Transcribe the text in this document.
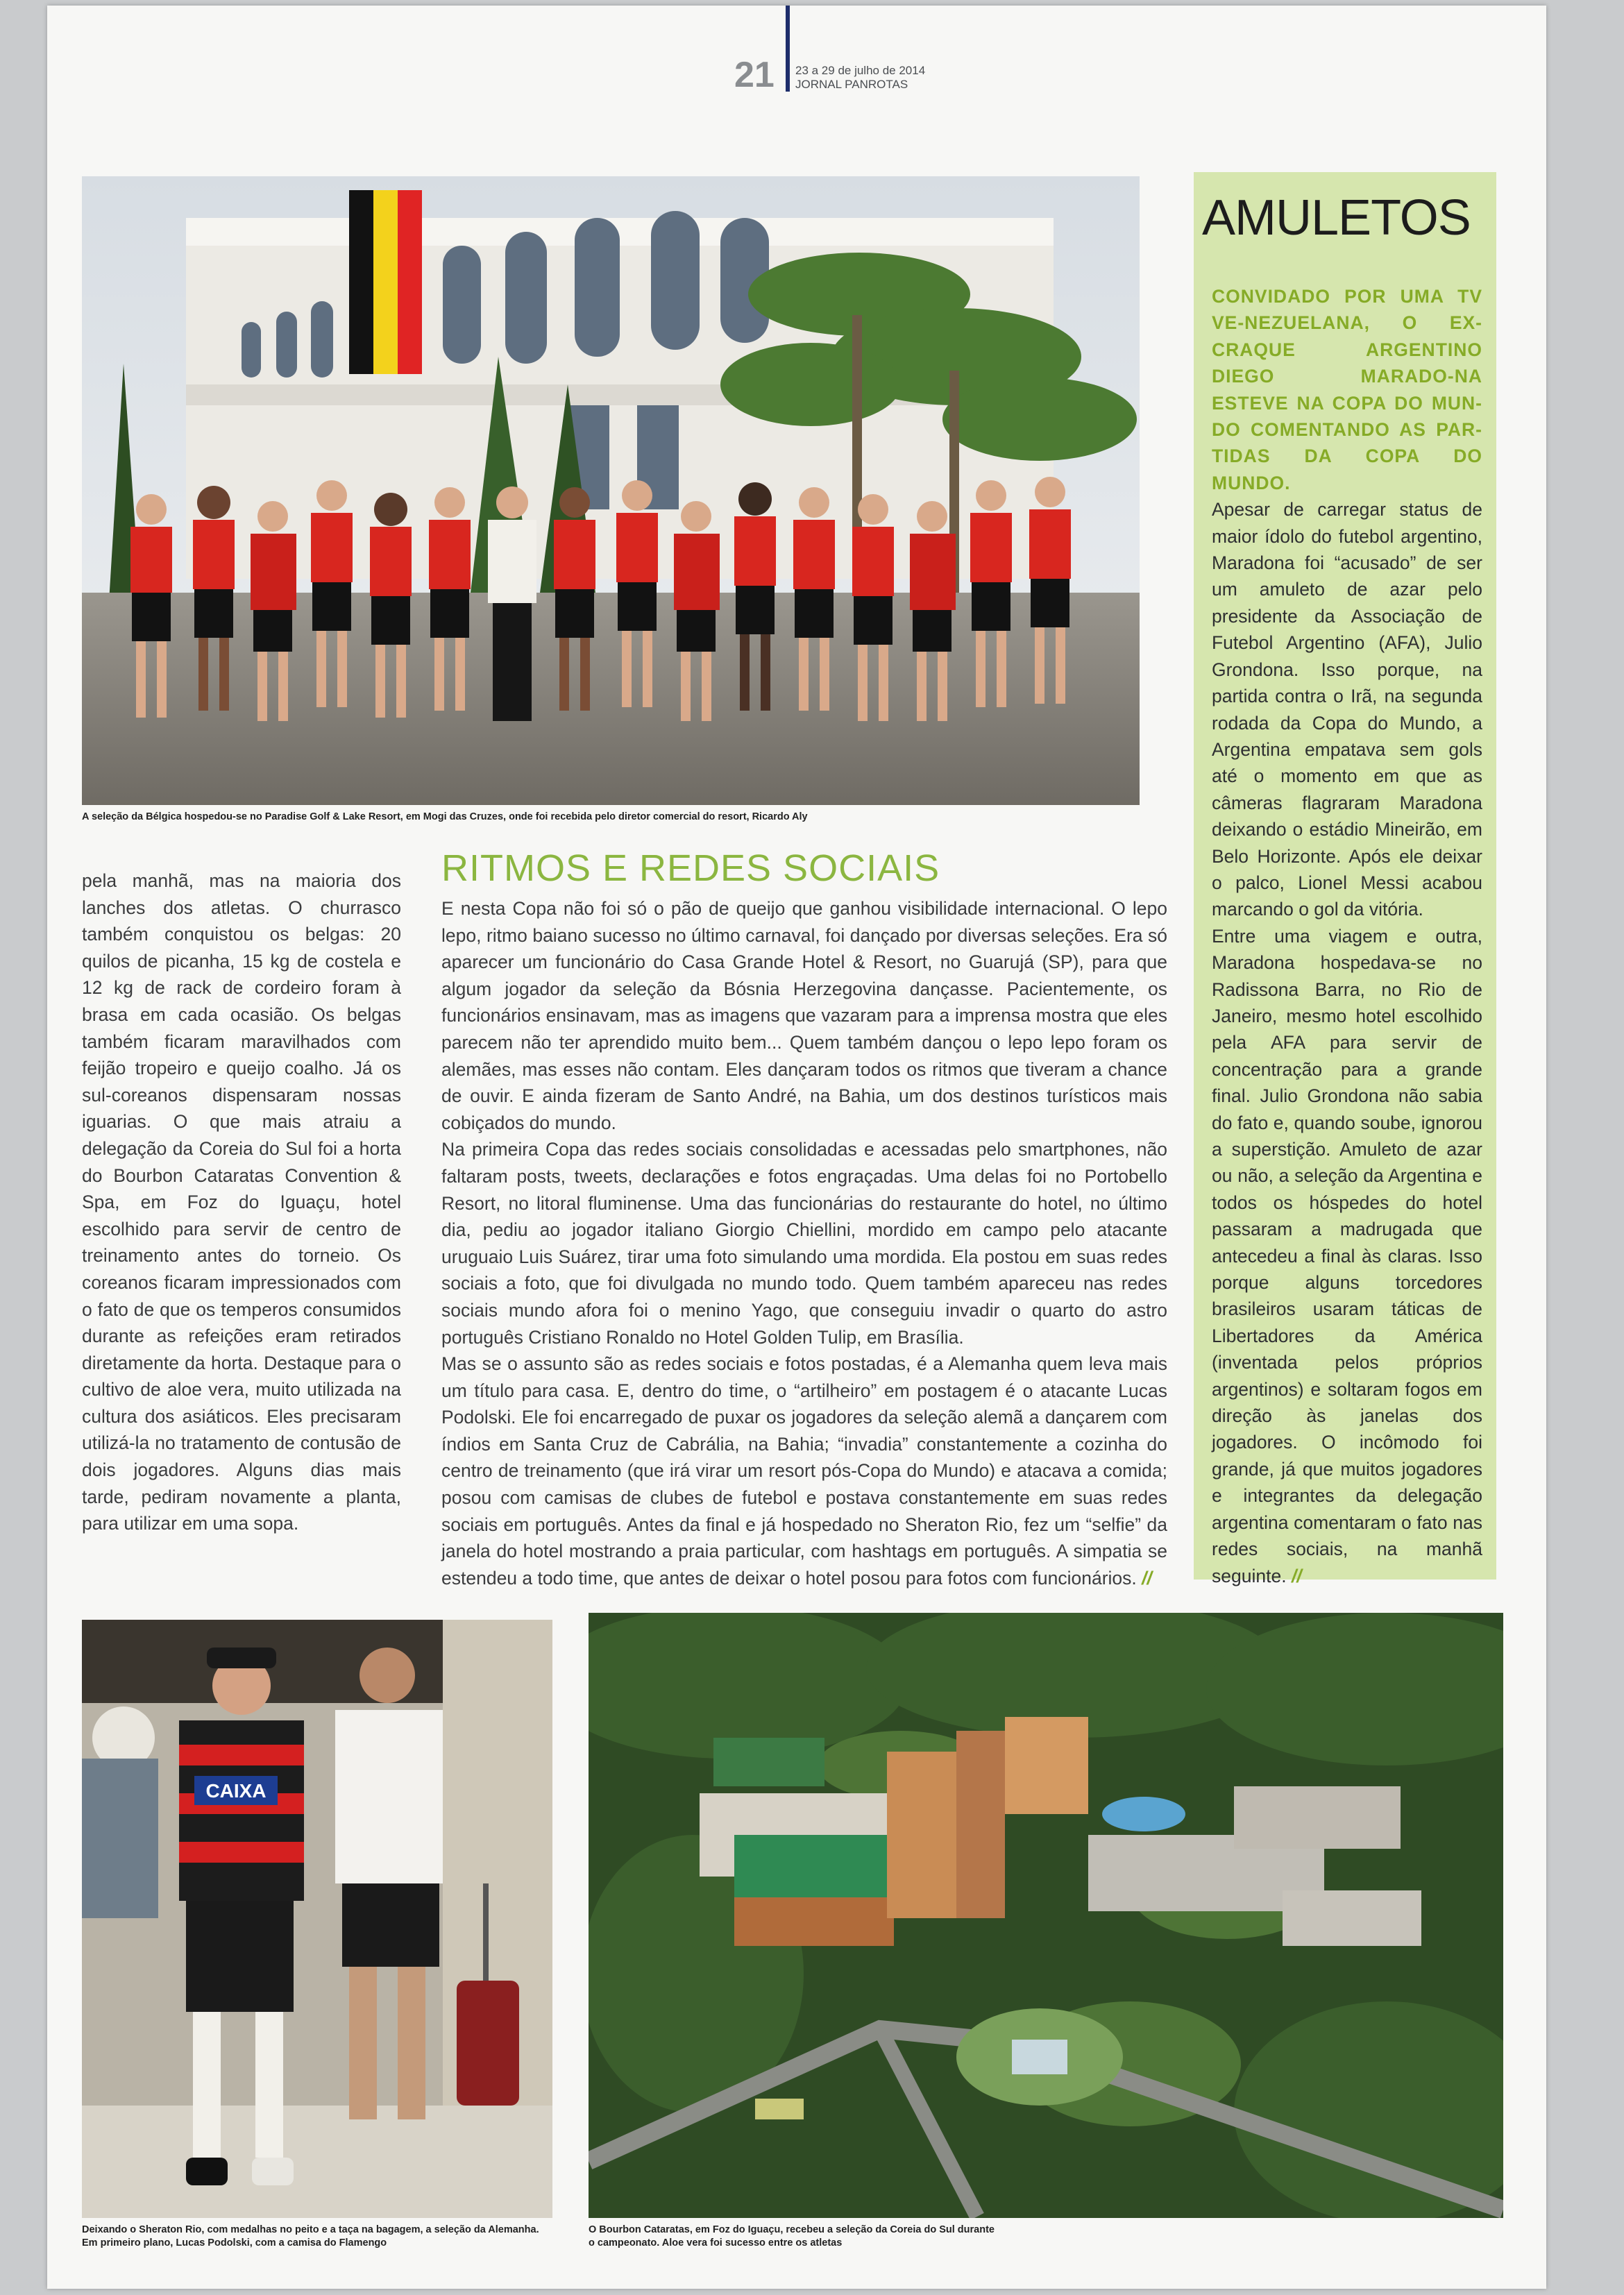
21 23 a 29 de julho de 2014
JORNAL PANROTAS
A seleção da Bélgica hospedou-se no Paradise Golf & Lake Resort, em Mogi das Cruzes, onde foi recebida pelo diretor comercial do resort, Ricardo Aly

pela manhã, mas na maioria dos lanches dos atletas. O churrasco também conquistou os belgas: 20 quilos de picanha, 15 kg de costela e 12 kg de rack de cordeiro foram à brasa em cada ocasião. Os belgas também ficaram maravilhados com feijão tropeiro e queijo coalho. Já os sul-coreanos dispensaram nossas iguarias. O que mais atraiu a delegação da Coreia do Sul foi a horta do Bourbon Cataratas Convention & Spa, em Foz do Iguaçu, hotel escolhido para servir de centro de treinamento antes do torneio. Os coreanos ficaram impressionados com o fato de que os temperos consumidos durante as refeições eram retirados diretamente da horta. Destaque para o cultivo de aloe vera, muito utilizada na cultura dos asiáticos. Eles precisaram utilizá-la no tratamento de contusão de dois jogadores. Alguns dias mais tarde, pediram novamente a planta, para utilizar em uma sopa.

RITMOS E REDES SOCIAIS

E nesta Copa não foi só o pão de queijo que ganhou visibilidade internacional. O lepo lepo, ritmo baiano sucesso no último carnaval, foi dançado por diversas seleções. Era só aparecer um funcionário do Casa Grande Hotel & Resort, no Guarujá (SP), para que algum jogador da seleção da Bósnia Herzegovina dançasse. Pacientemente, os funcionários ensinavam, mas as imagens que vazaram para a imprensa mostra que eles parecem não ter aprendido muito bem... Quem também dançou o lepo lepo foram os alemães, mas esses não contam. Eles dançaram todos os ritmos que tiveram a chance de ouvir. E ainda fizeram de Santo André, na Bahia, um dos destinos turísticos mais cobiçados do mundo.

Na primeira Copa das redes sociais consolidadas e acessadas pelo smartphones, não faltaram posts, tweets, declarações e fotos engraçadas. Uma delas foi no Portobello Resort, no litoral fluminense. Uma das funcionárias do restaurante do hotel, no último dia, pediu ao jogador italiano Giorgio Chiellini, mordido em campo pelo atacante uruguaio Luis Suárez, tirar uma foto simulando uma mordida. Ela postou em suas redes sociais a foto, que foi divulgada no mundo todo. Quem também apareceu nas redes sociais mundo afora foi o menino Yago, que conseguiu invadir o quarto do astro português Cristiano Ronaldo no Hotel Golden Tulip, em Brasília.

Mas se o assunto são as redes sociais e fotos postadas, é a Alemanha quem leva mais um título para casa. E, dentro do time, o “artilheiro” em postagem é o atacante Lucas Podolski. Ele foi encarregado de puxar os jogadores da seleção alemã a dançarem com índios em Santa Cruz de Cabrália, na Bahia; “invadia” constantemente a cozinha do centro de treinamento (que irá virar um resort pós-Copa do Mundo) e atacava a comida; posou com camisas de clubes de futebol e postava constantemente em suas redes sociais em português. Antes da final e já hospedado no Sheraton Rio, fez um “selfie” da janela do hotel mostrando a praia particular, com hashtags em português. A simpatia se estendeu a todo time, que antes de deixar o hotel posou para fotos com funcionários. //

AMULETOS

CONVIDADO POR UMA TV VE-NEZUELANA, O EX-CRAQUE ARGENTINO DIEGO MARADO-NA ESTEVE NA COPA DO MUN-DO COMENTANDO AS PAR-TIDAS DA COPA DO MUNDO.

Apesar de carregar status de maior ídolo do futebol argentino, Maradona foi “acusado” de ser um amuleto de azar pelo presidente da Associação de Futebol Argentino (AFA), Julio Grondona. Isso porque, na partida contra o Irã, na segunda rodada da Copa do Mundo, a Argentina empatava sem gols até o momento em que as câmeras flagraram Maradona deixando o estádio Mineirão, em Belo Horizonte. Após ele deixar o palco, Lionel Messi acabou marcando o gol da vitória.

Entre uma viagem e outra, Maradona hospedava-se no Radissona Barra, no Rio de Janeiro, mesmo hotel escolhido pela AFA para servir de concentração para a grande final. Julio Grondona não sabia do fato e, quando soube, ignorou a superstição. Amuleto de azar ou não, a seleção da Argentina e todos os hóspedes do hotel passaram a madrugada que antecedeu a final às claras. Isso porque alguns torcedores brasileiros usaram táticas de Libertadores da América (inventada pelos próprios argentinos) e soltaram fogos em direção às janelas dos jogadores. O incômodo foi grande, já que muitos jogadores e integrantes da delegação argentina comentaram o fato nas redes sociais, na manhã seguinte. //

CAIXA
Deixando o Sheraton Rio, com medalhas no peito e a taça na bagagem, a seleção da Alemanha. Em primeiro plano, Lucas Podolski, com a camisa do Flamengo
O Bourbon Cataratas, em Foz do Iguaçu, recebeu a seleção da Coreia do Sul durante o campeonato. Aloe vera foi sucesso entre os atletas
